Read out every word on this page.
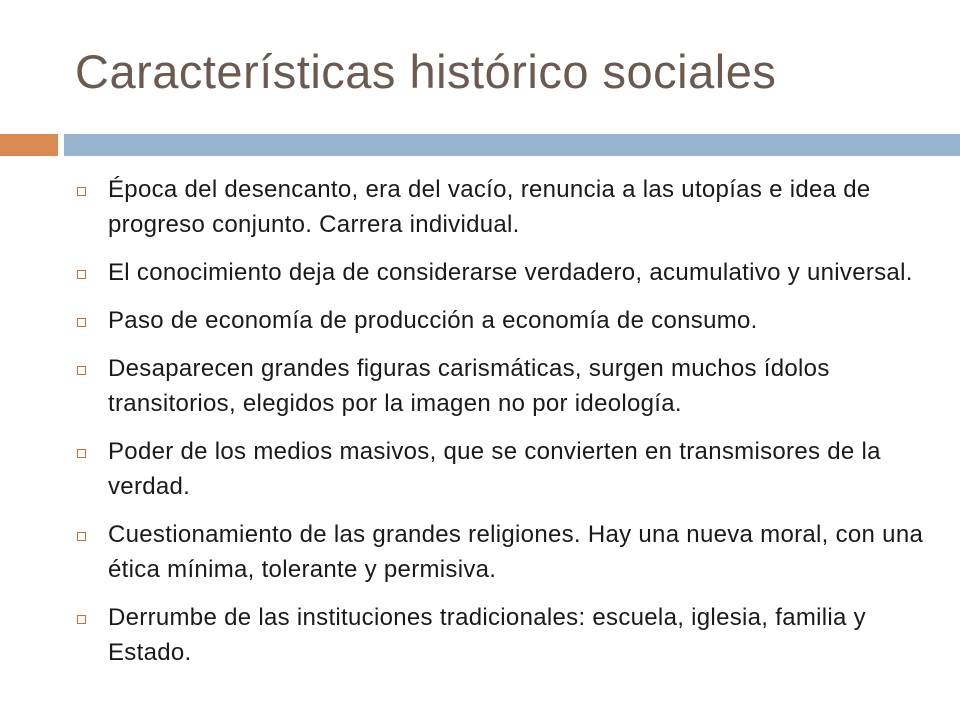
Características histórico sociales
Época del desencanto, era del vacío, renuncia a las utopías e idea de progreso conjunto. Carrera individual.
El conocimiento deja de considerarse verdadero, acumulativo y universal.
Paso de economía de producción a economía de consumo.
Desaparecen grandes figuras carismáticas, surgen muchos ídolos transitorios, elegidos por la imagen no por ideología.
Poder de los medios masivos, que se convierten en transmisores de la verdad.
Cuestionamiento de las grandes religiones. Hay una nueva moral, con una ética mínima, tolerante y permisiva.
Derrumbe de las instituciones tradicionales: escuela, iglesia, familia y Estado.
